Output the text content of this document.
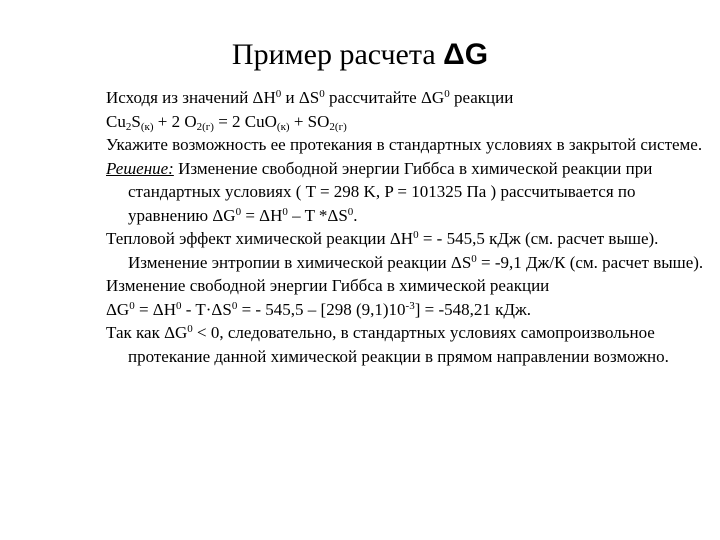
Пример расчета ΔG

Исходя из значений $\Delta H^0$ и $\Delta S^0$ рассчитайте $\Delta G^0$ реакции

$Cu_2S_{(к)} + 2$ $O_{2(г)} = 2$ $CuO_{(к)} + SO_{2(г)}$

Укажите возможность ее протекания в стандартных условиях в закрытой системе.

Решение: Изменение свободной энергии Гиббса в химической реакции при стандартных условиях ( T = 298 K, P = 101325 Па ) рассчитывается по уравнению $\Delta G^0 = \Delta H^0 - T$ $*\Delta S^0$.

Тепловой эффект химической реакции $\Delta H^0$ = - 545,5 кДж (см. расчет выше). Изменение энтропии в химической реакции $\Delta S^0 = -9,1$ Дж/К (см. расчет выше).

Изменение свободной энергии Гиббса в химической реакции

$\Delta G^0 = \Delta H^0 - T\cdot\Delta S^0$ = - 545,5 – [298 $(9,1)10^{-3}] = -548,21$ кДж.

Так как $\Delta G^0 < 0$, следовательно, в стандартных условиях самопроизвольное протекание данной химической реакции в прямом направлении возможно.
